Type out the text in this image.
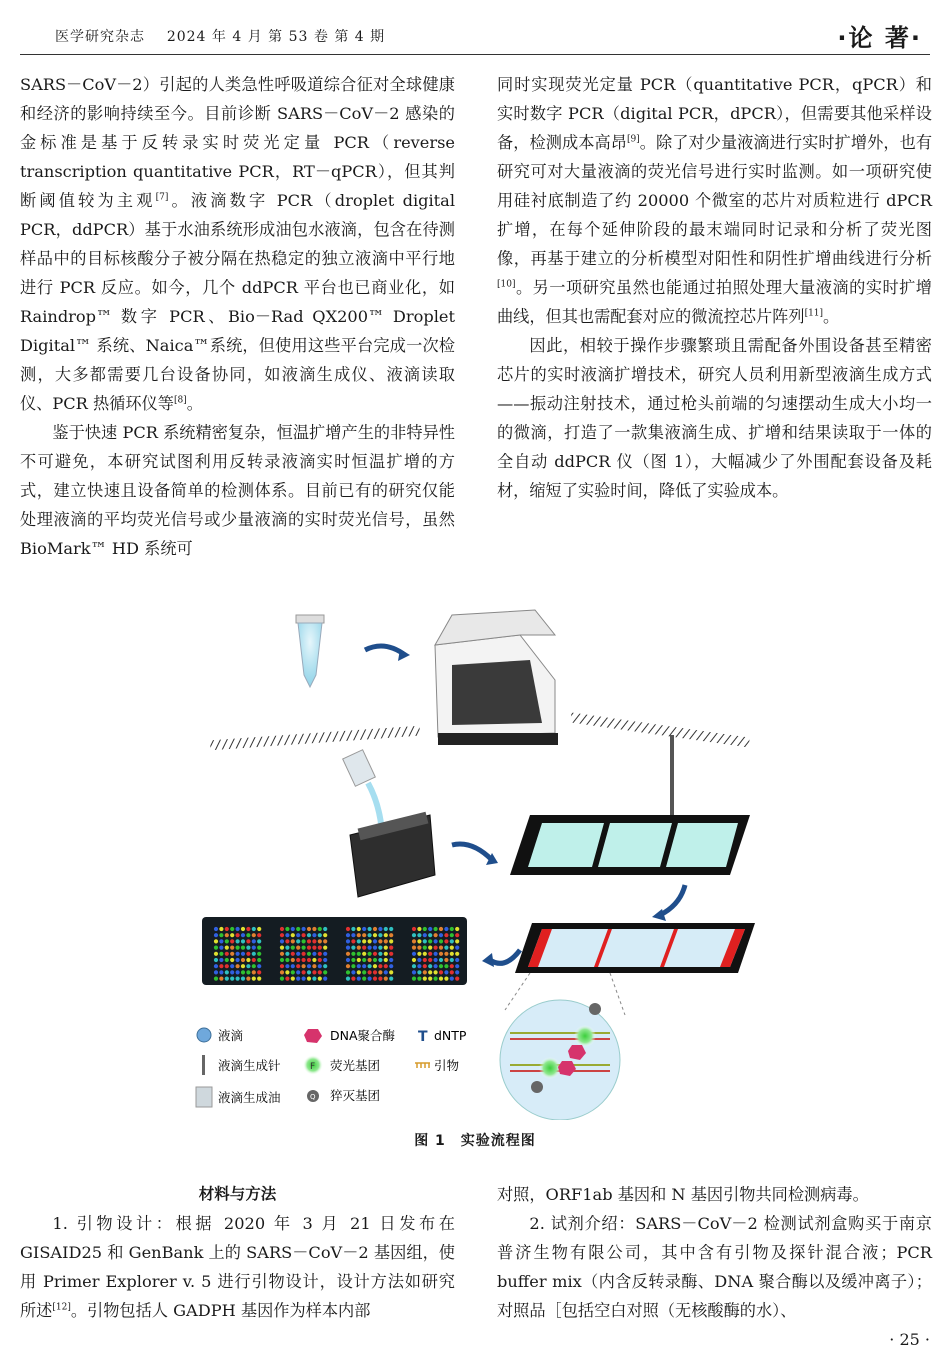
医学研究杂志 2024 年 4 月 第 53 卷 第 4 期	·论 著·

SARS－CoV－2）引起的人类急性呼吸道综合征对全球健康和经济的影响持续至今。目前诊断 SARS－CoV－2 感染的金标准是基于反转录实时荧光定量 PCR（reverse transcription quantitative PCR，RT－qPCR），但其判断阈值较为主观[7]。液滴数字 PCR（droplet digital PCR，ddPCR）基于水油系统形成油包水液滴，包含在待测样品中的目标核酸分子被分隔在热稳定的独立液滴中平行地进行 PCR 反应。如今，几个 ddPCR 平台也已商业化，如 Raindrop™ 数字 PCR、Bio－Rad QX200™ Droplet Digital™ 系统、Naica™系统，但使用这些平台完成一次检测，大多都需要几台设备协同，如液滴生成仪、液滴读取仪、PCR 热循环仪等[8]。

鉴于快速 PCR 系统精密复杂，恒温扩增产生的非特异性不可避免，本研究试图利用反转录液滴实时恒温扩增的方式，建立快速且设备简单的检测体系。目前已有的研究仅能处理液滴的平均荧光信号或少量液滴的实时荧光信号，虽然 BioMark™ HD 系统可

同时实现荧光定量 PCR（quantitative PCR，qPCR）和实时数字 PCR（digital PCR，dPCR），但需要其他采样设备，检测成本高昂[9]。除了对少量液滴进行实时扩增外，也有研究可对大量液滴的荧光信号进行实时监测。如一项研究使用硅衬底制造了约 20000 个微室的芯片对质粒进行 dPCR 扩增，在每个延伸阶段的最末端同时记录和分析了荧光图像，再基于建立的分析模型对阳性和阴性扩增曲线进行分析[10]。另一项研究虽然也能通过拍照处理大量液滴的实时扩增曲线，但其也需配套对应的微流控芯片阵列[11]。

因此，相较于操作步骤繁琐且需配备外围设备甚至精密芯片的实时液滴扩增技术，研究人员利用新型液滴生成方式——振动注射技术，通过枪头前端的匀速摆动生成大小均一的微滴，打造了一款集液滴生成、扩增和结果读取于一体的全自动 ddPCR 仪（图 1），大幅减少了外围配套设备及耗材，缩短了实验时间，降低了实验成本。

液滴
液滴生成针
液滴生成油
DNA聚合酶
F 荧光基团
Q 猝灭基团
T dNTP
引物
图 1　实验流程图

材料与方法

1. 引物设计：根据 2020 年 3 月 21 日发布在 GISAID25 和 GenBank 上的 SARS－CoV－2 基因组，使用 Primer Explorer v. 5 进行引物设计，设计方法如研究所述[12]。引物包括人 GADPH 基因作为样本内部

对照，ORF1ab 基因和 N 基因引物共同检测病毒。

2. 试剂介绍：SARS－CoV－2 检测试剂盒购买于南京普济生物有限公司，其中含有引物及探针混合液；PCR buffer mix（内含反转录酶、DNA 聚合酶以及缓冲离子）；对照品［包括空白对照（无核酸酶的水）、

· 25 ·
